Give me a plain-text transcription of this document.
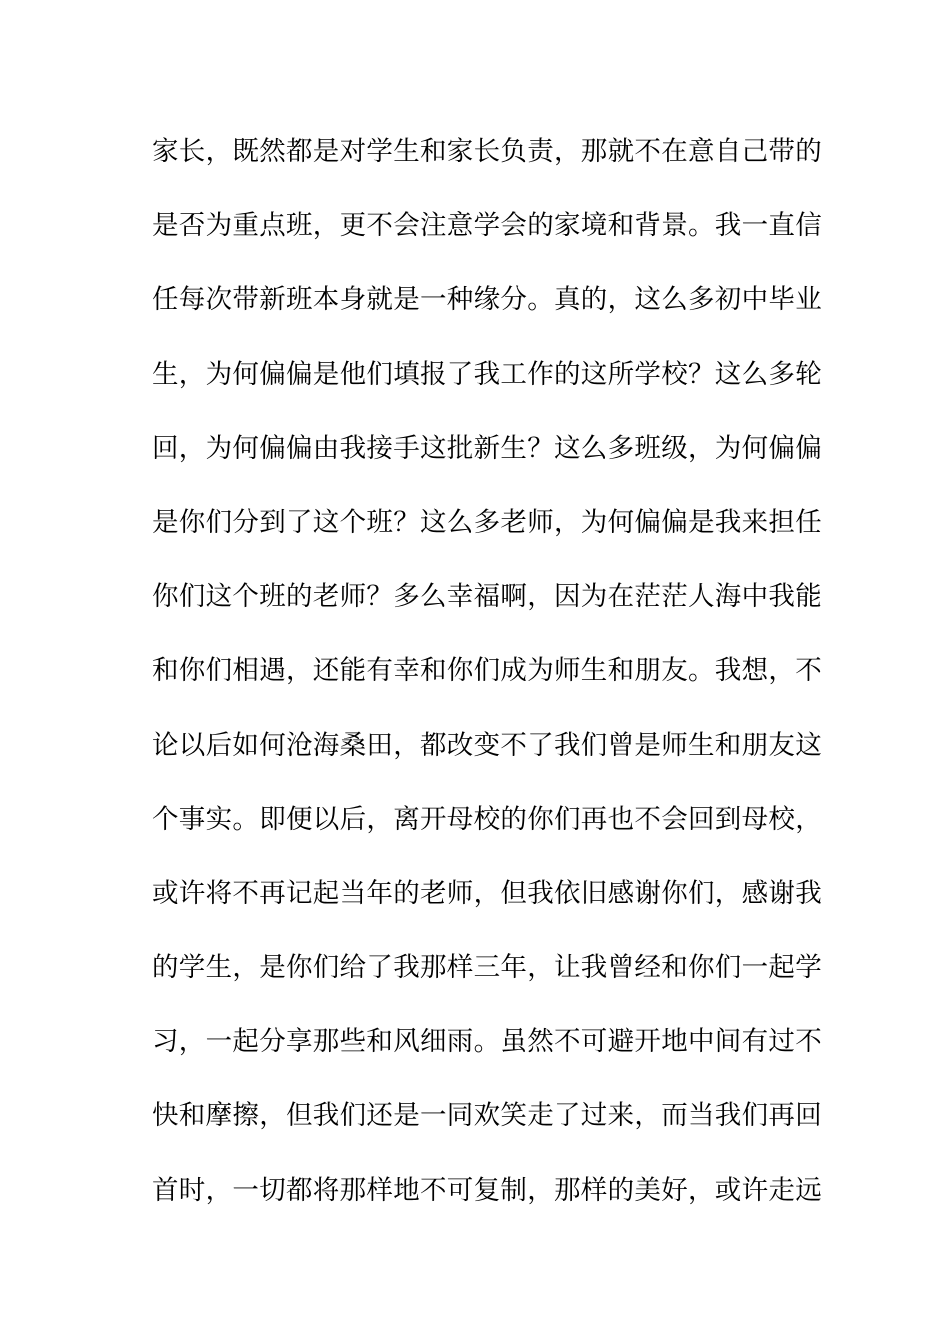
家长，既然都是对学生和家长负责，那就不在意自己带的
是否为重点班，更不会注意学会的家境和背景。我一直信
任每次带新班本身就是一种缘分。真的，这么多初中毕业
生，为何偏偏是他们填报了我工作的这所学校？这么多轮
回，为何偏偏由我接手这批新生？这么多班级，为何偏偏
是你们分到了这个班？这么多老师，为何偏偏是我来担任
你们这个班的老师？多么幸福啊，因为在茫茫人海中我能
和你们相遇，还能有幸和你们成为师生和朋友。我想，不
论以后如何沧海桑田，都改变不了我们曾是师生和朋友这
个事实。即便以后，离开母校的你们再也不会回到母校，
或许将不再记起当年的老师，但我依旧感谢你们，感谢我
的学生，是你们给了我那样三年，让我曾经和你们一起学
习，一起分享那些和风细雨。虽然不可避开地中间有过不
快和摩擦，但我们还是一同欢笑走了过来，而当我们再回
首时，一切都将那样地不可复制，那样的美好，或许走远
